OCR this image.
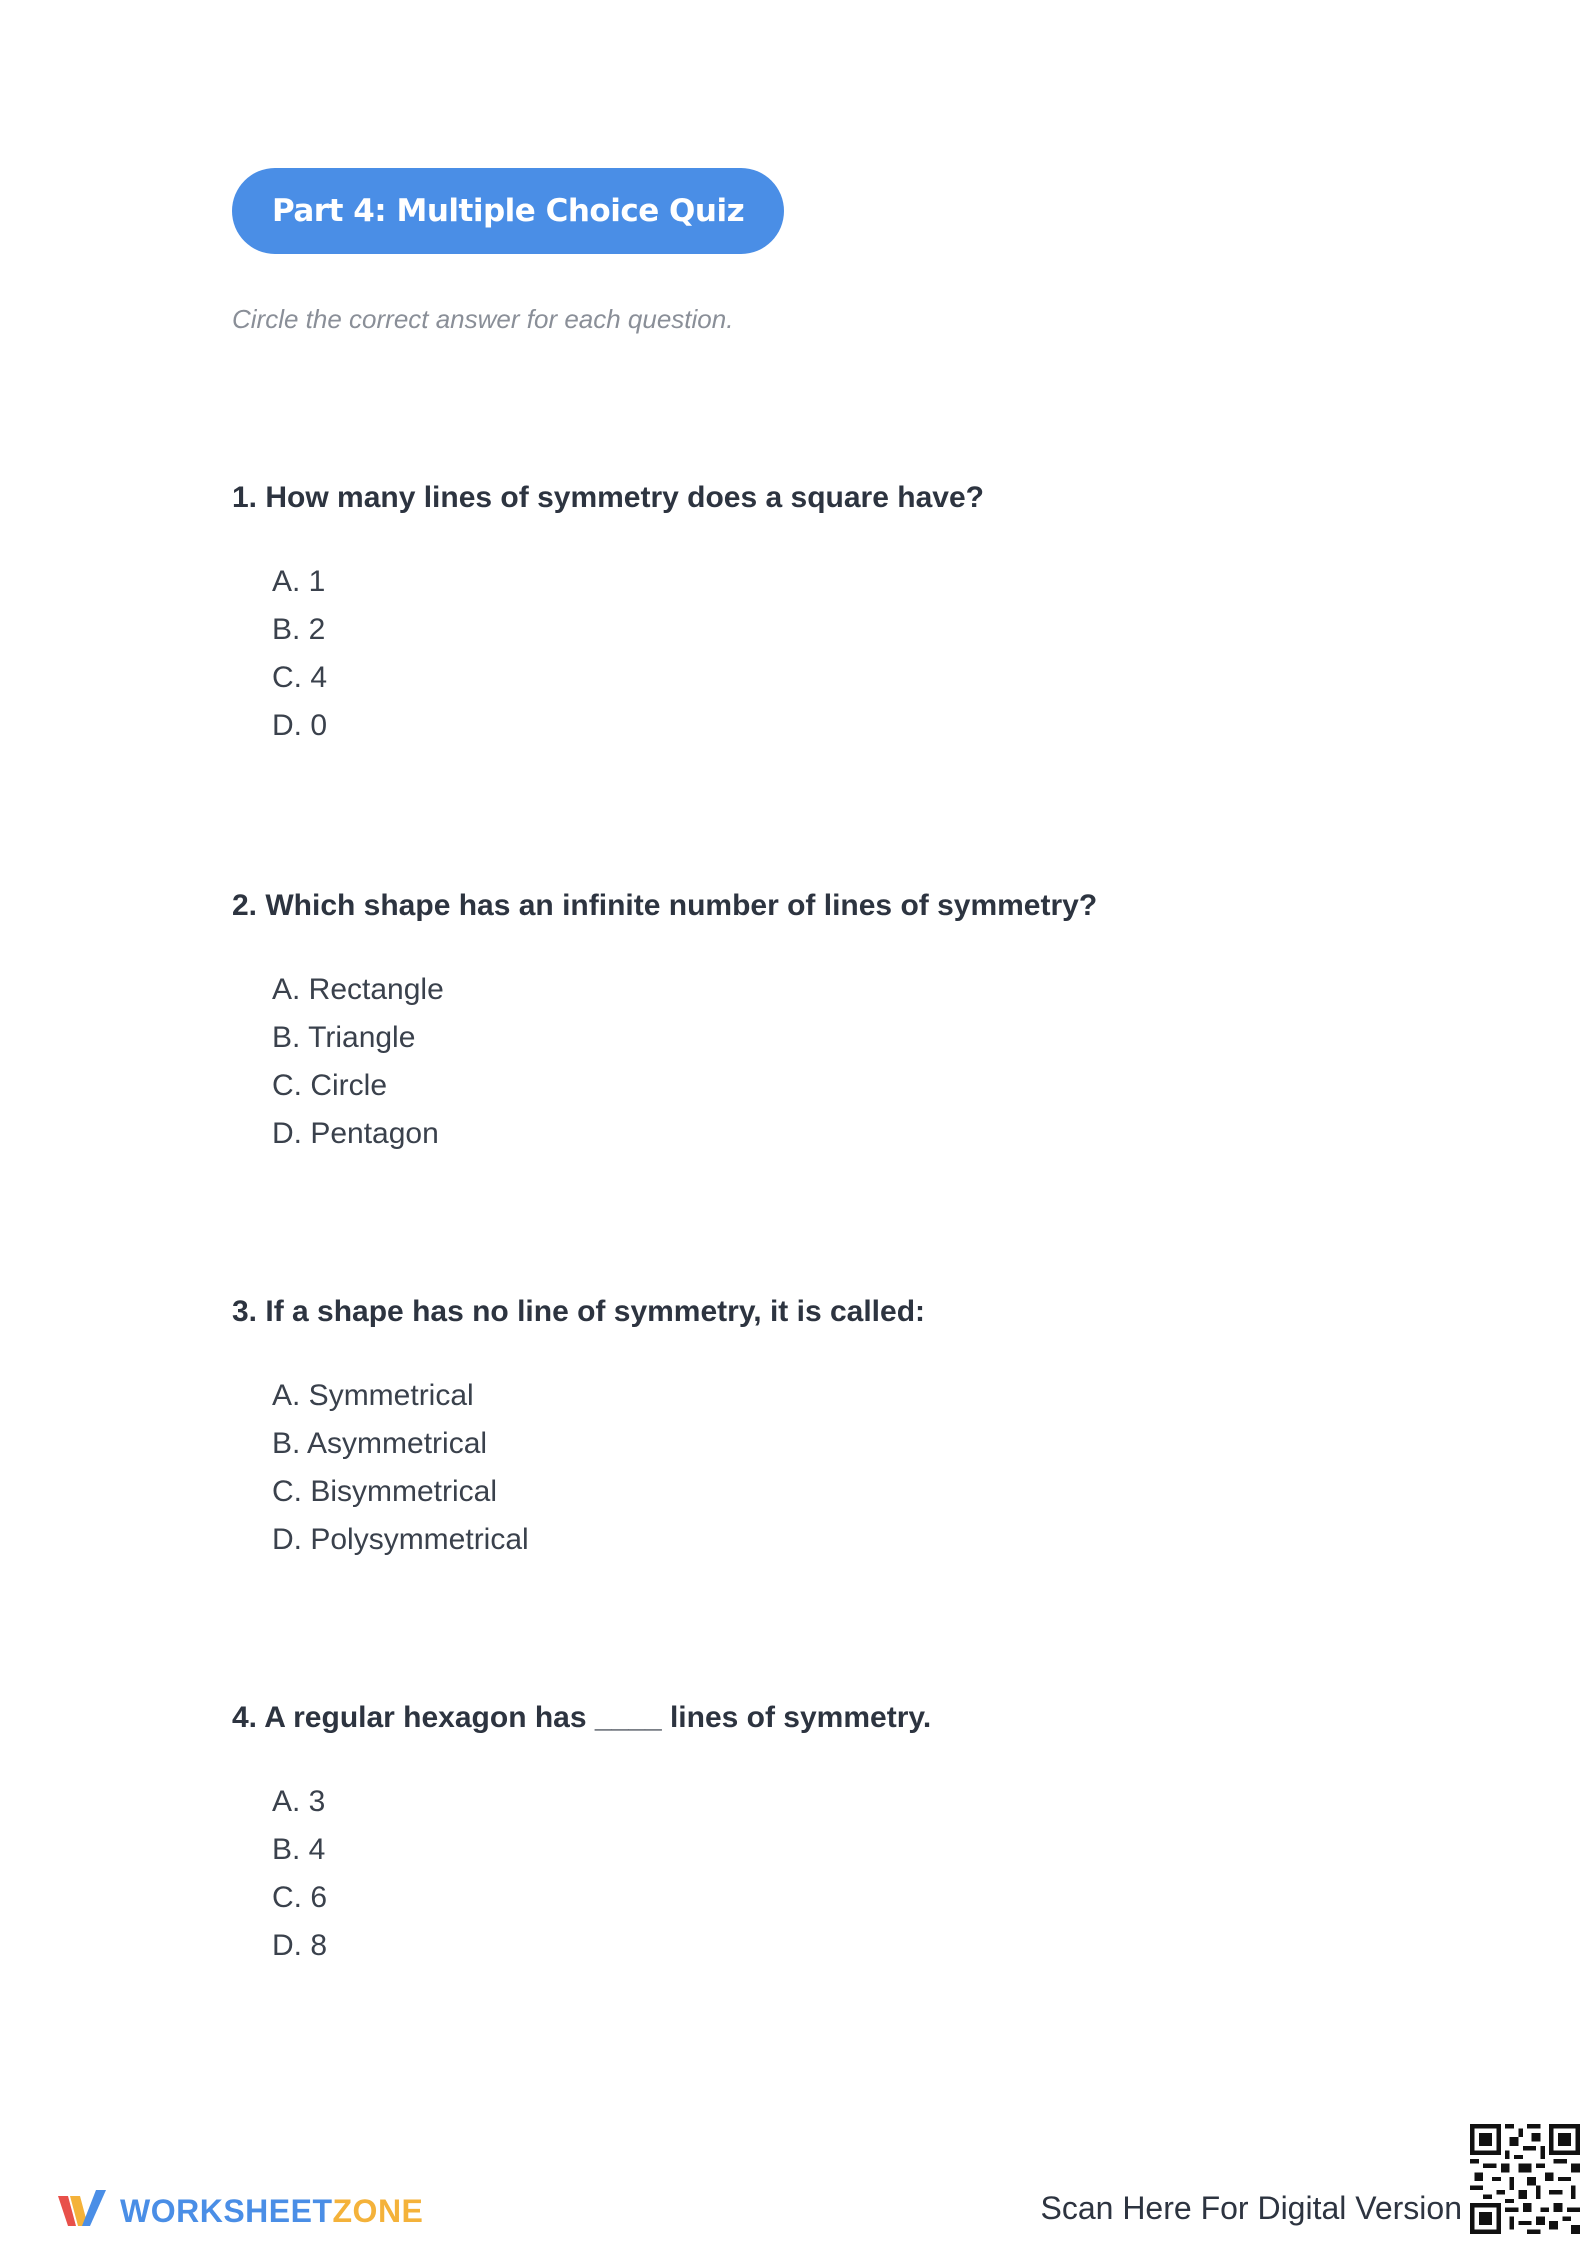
Part 4: Multiple Choice Quiz
Circle the correct answer for each question.

1. How many lines of symmetry does a square have?

A. 1
B. 2
C. 4
D. 0

2. Which shape has an infinite number of lines of symmetry?

A. Rectangle
B. Triangle
C. Circle
D. Pentagon

3. If a shape has no line of symmetry, it is called:

A. Symmetrical
B. Asymmetrical
C. Bisymmetrical
D. Polysymmetrical

4. A regular hexagon has ____ lines of symmetry.

A. 3
B. 4
C. 6
D. 8
WORKSHEETZONE	Scan Here For Digital Version
